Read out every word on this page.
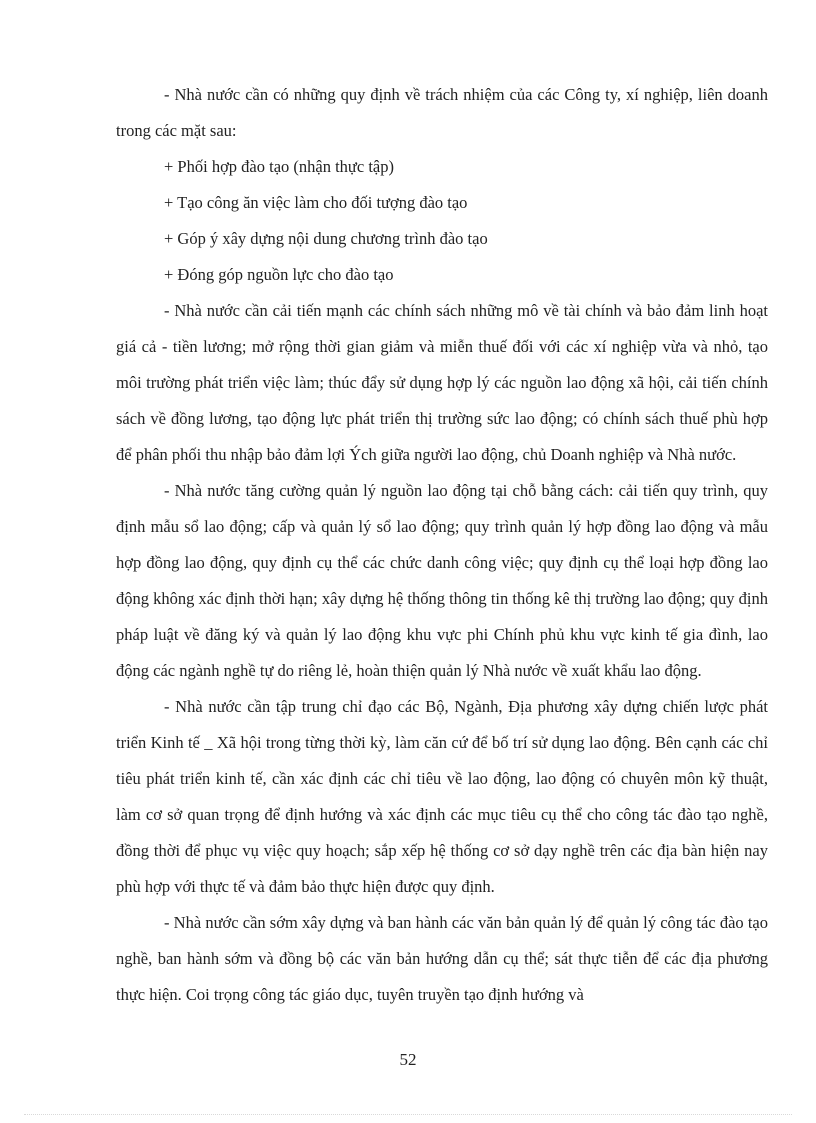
- Nhà nước cần có những quy định về trách nhiệm của các Công ty, xí nghiệp, liên doanh trong các mặt sau:

+ Phối hợp đào tạo (nhận thực tập)

+ Tạo công ăn việc làm cho đối tượng đào tạo

+ Góp ý xây dựng nội dung chương trình đào tạo

+ Đóng góp nguồn lực cho đào tạo

- Nhà nước cần cải tiến mạnh các chính sách những mô về tài chính và bảo đảm linh hoạt giá cả - tiền lương; mở rộng thời gian giảm và miễn thuế đối với các xí nghiệp vừa và nhỏ, tạo môi trường phát triển việc làm; thúc đẩy sử dụng hợp lý các nguồn lao động xã hội, cải tiến chính sách về đồng lương, tạo động lực phát triển thị trường sức lao động; có chính sách thuế phù hợp để phân phối thu nhập bảo đảm lợi Ých giữa người lao động, chủ Doanh nghiệp và Nhà nước.

- Nhà nước tăng cường quản lý nguồn lao động tại chỗ bằng cách: cải tiến quy trình, quy định mẫu sổ lao động; cấp và quản lý sổ lao động; quy trình quản lý hợp đồng lao động và mẫu hợp đồng lao động, quy định cụ thể các chức danh công việc; quy định cụ thể loại hợp đồng lao động không xác định thời hạn; xây dựng hệ thống thông tin thống kê thị trường lao động; quy định pháp luật về đăng ký và quản lý lao động khu vực phi Chính phủ khu vực kinh tế gia đình, lao động các ngành nghề tự do riêng lẻ, hoàn thiện quản lý Nhà nước về xuất khẩu lao động.

- Nhà nước cần tập trung chỉ đạo các Bộ, Ngành, Địa phương xây dựng chiến lược phát triển Kinh tế _ Xã hội trong từng thời kỳ, làm căn cứ để bố trí sử dụng lao động. Bên cạnh các chỉ tiêu phát triển kinh tế, cần xác định các chỉ tiêu về lao động, lao động có chuyên môn kỹ thuật, làm cơ sở quan trọng để định hướng và xác định các mục tiêu cụ thể cho công tác đào tạo nghề, đồng thời để phục vụ việc quy hoạch; sắp xếp hệ thống cơ sở dạy nghề trên các địa bàn hiện nay phù hợp với thực tế và đảm bảo thực hiện được quy định.

- Nhà nước cần sớm xây dựng và ban hành các văn bản quản lý để quản lý công tác đào tạo nghề, ban hành sớm và đồng bộ các văn bản hướng dẫn cụ thể; sát thực tiễn để các địa phương thực hiện. Coi trọng công tác giáo dục, tuyên truyền tạo định hướng và

52
